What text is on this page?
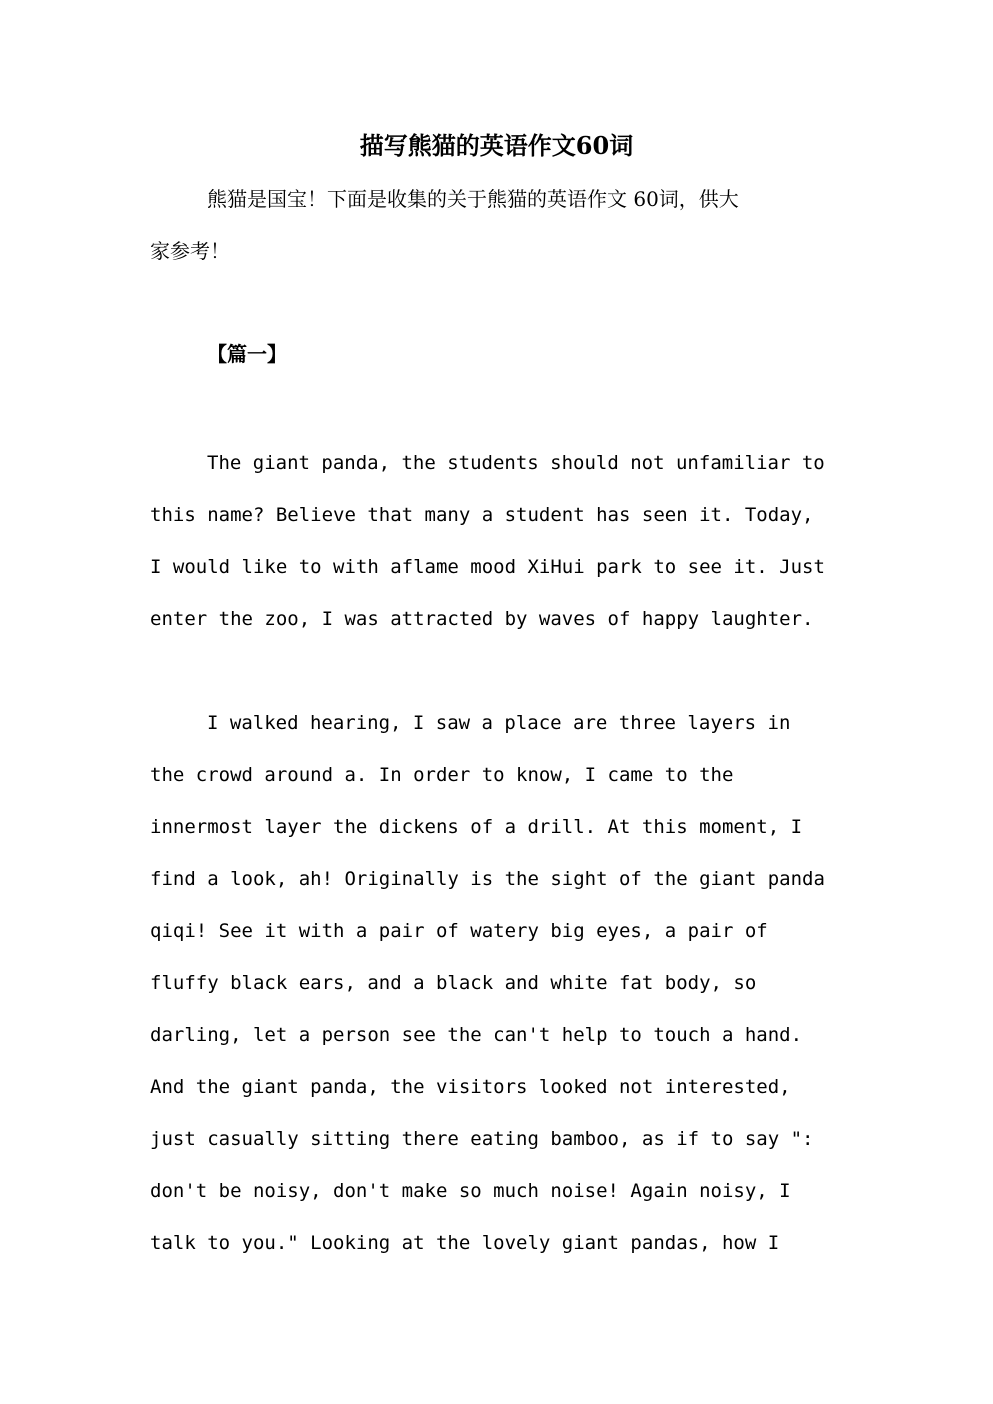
描写熊猫的英语作文60词
熊猫是国宝！下面是收集的关于熊猫的英语作文 60词，供大
家参考！
【篇一】
The giant panda, the students should not unfamiliar to
this name? Believe that many a student has seen it. Today,
I would like to with aflame mood XiHui park to see it. Just
enter the zoo, I was attracted by waves of happy laughter.
I walked hearing, I saw a place are three layers in
the crowd around a. In order to know, I came to the
innermost layer the dickens of a drill. At this moment, I
find a look, ah! Originally is the sight of the giant panda
qiqi! See it with a pair of watery big eyes, a pair of
fluffy black ears, and a black and white fat body, so
darling, let a person see the can't help to touch a hand.
And the giant panda, the visitors looked not interested,
just casually sitting there eating bamboo, as if to say ":
don't be noisy, don't make so much noise! Again noisy, I
talk to you." Looking at the lovely giant pandas, how I
